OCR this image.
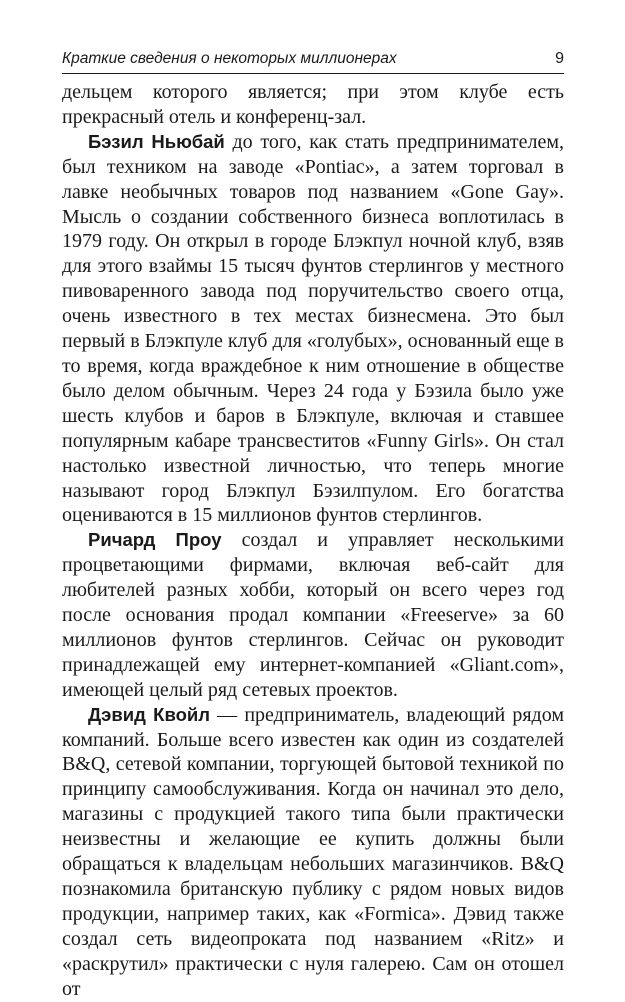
Краткие сведения о некоторых миллионерах	9

дельцем которого является; при этом клубе есть прекрасный отель и конференц-зал.

Бэзил Ньюбай до того, как стать предпринимателем, был техником на заводе «Pontiac», а затем торговал в лавке необычных товаров под названием «Gone Gay». Мысль о создании собственного бизнеса воплотилась в 1979 году. Он открыл в городе Блэкпул ночной клуб, взяв для этого взаймы 15 тысяч фунтов стерлингов у местного пивоваренного завода под поручительство своего отца, очень известного в тех местах бизнесмена. Это был первый в Блэкпуле клуб для «голубых», основанный еще в то время, когда враждебное к ним отношение в обществе было делом обычным. Через 24 года у Бэзила было уже шесть клубов и баров в Блэкпуле, включая и ставшее популярным кабаре трансвеститов «Funny Girls». Он стал настолько известной личностью, что теперь многие называют город Блэкпул Бэзилпулом. Его богатства оцениваются в 15 миллионов фунтов стерлингов.

Ричард Проу создал и управляет несколькими процветающими фирмами, включая веб-сайт для любителей разных хобби, который он всего через год после основания продал компании «Freeserve» за 60 миллионов фунтов стерлингов. Сейчас он руководит принадлежащей ему интернет-компанией «Gliant.com», имеющей целый ряд сетевых проектов.

Дэвид Квойл — предприниматель, владеющий рядом компаний. Больше всего известен как один из создателей B&Q, сетевой компании, торгующей бытовой техникой по принципу самообслуживания. Когда он начинал это дело, магазины с продукцией такого типа были практически неизвестны и желающие ее купить должны были обращаться к владельцам небольших магазинчиков. B&Q познакомила британскую публику с рядом новых видов продукции, например таких, как «Formica». Дэвид также создал сеть видеопроката под названием «Ritz» и «раскрутил» практически с нуля галерею. Сам он отошел от
